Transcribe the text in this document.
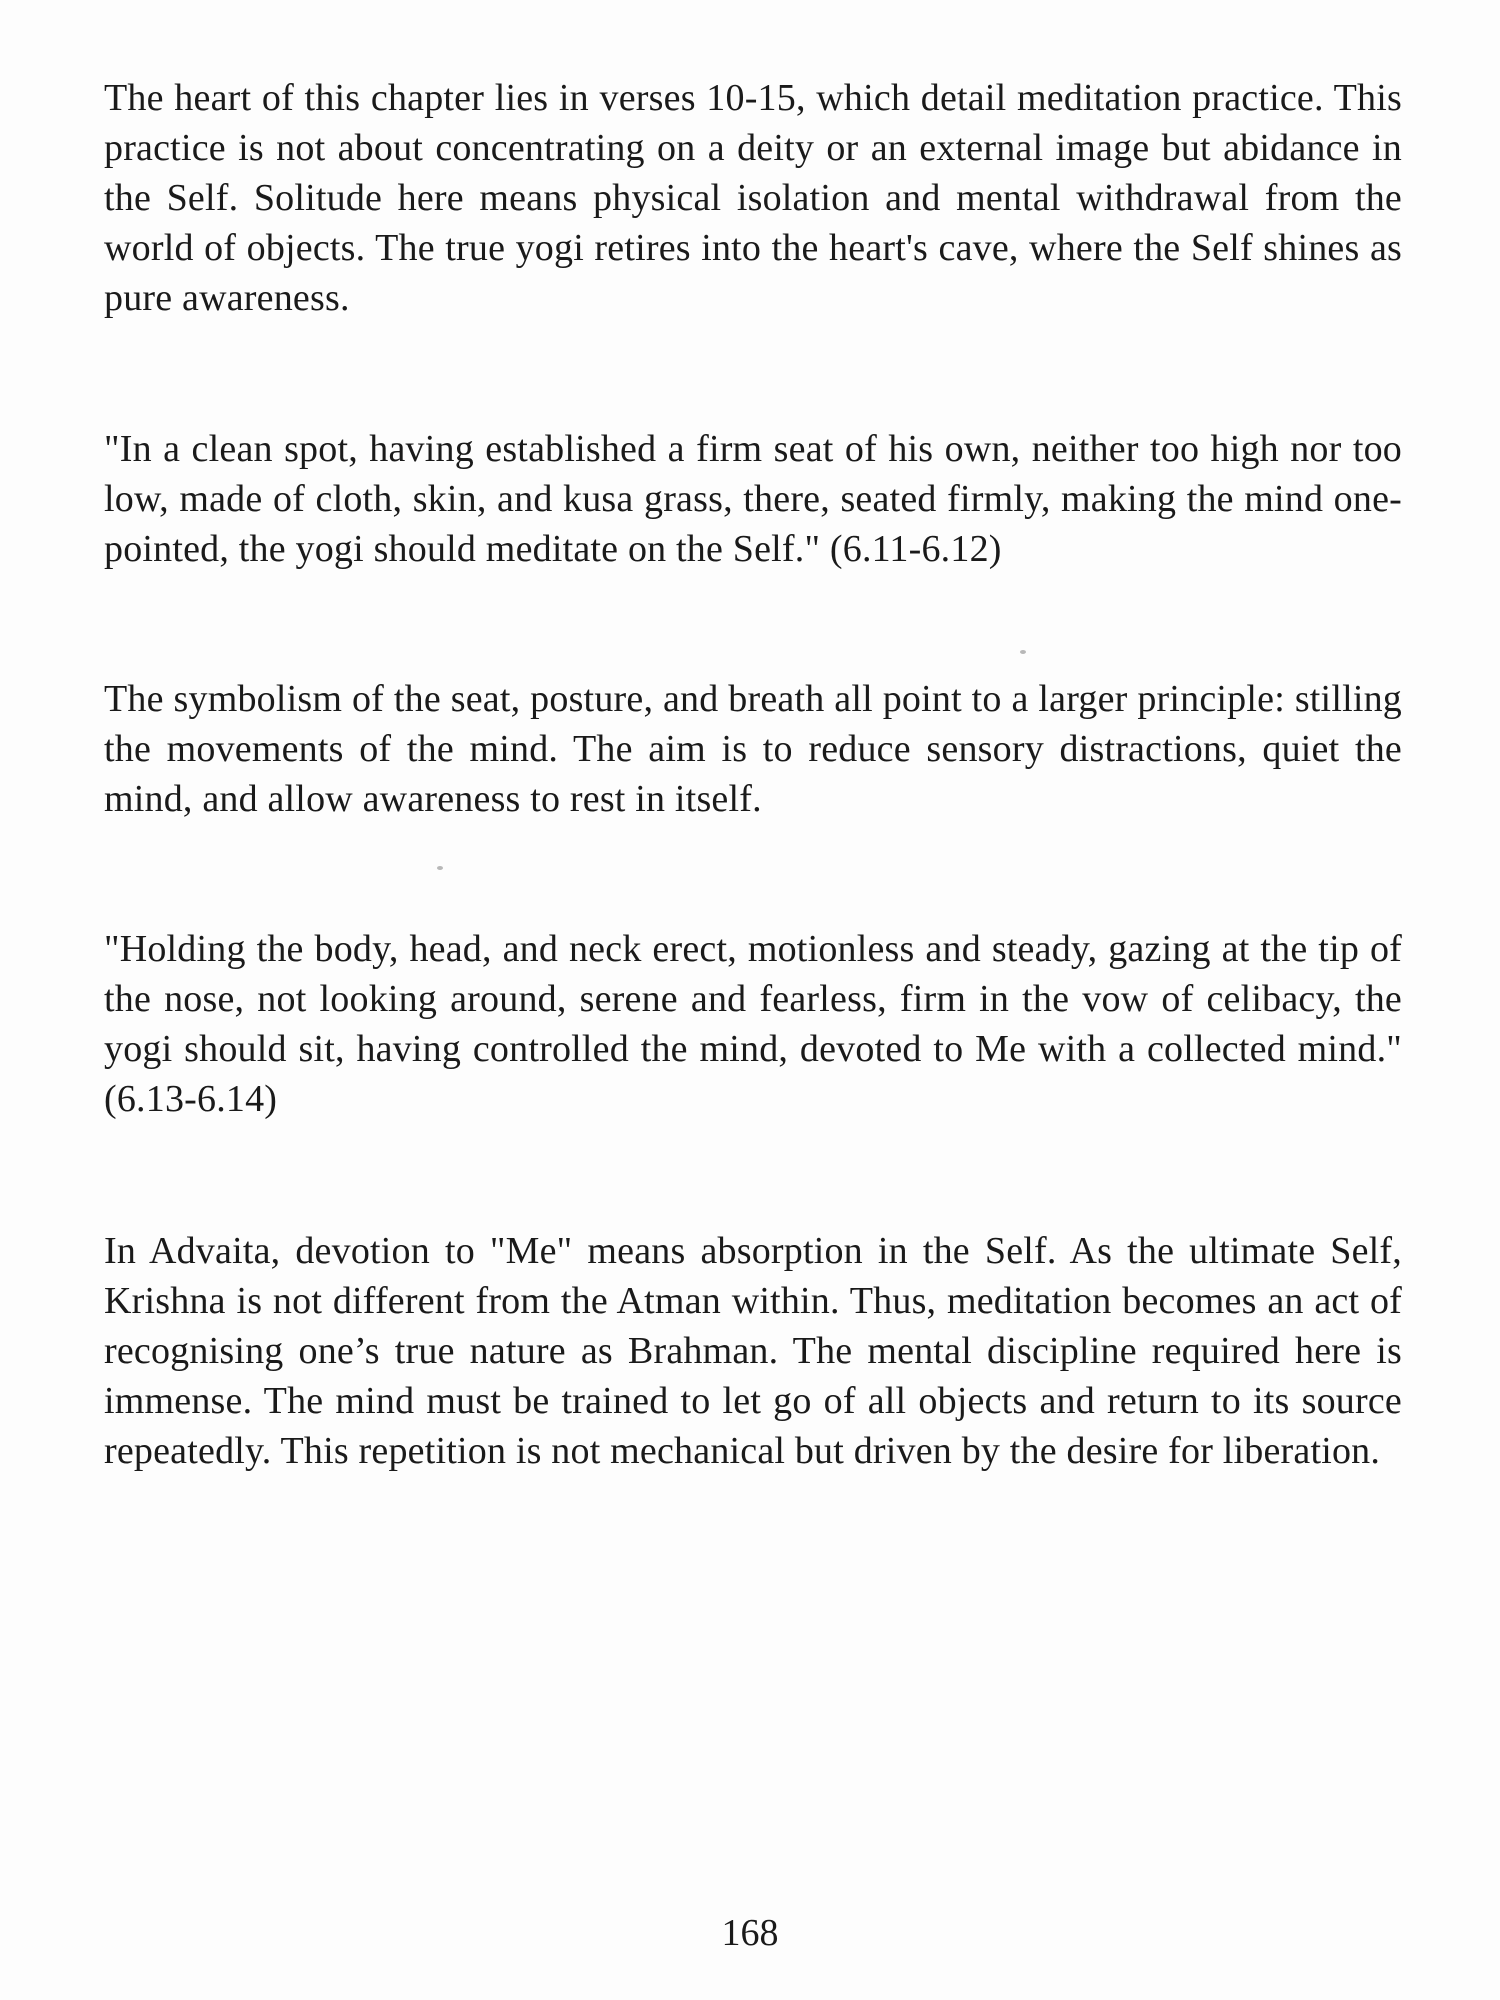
The heart of this chapter lies in verses 10-15, which detail meditation practice. This practice is not about concentrating on a deity or an external image but abidance in the Self. Solitude here means physical isolation and mental withdrawal from the world of objects. The true yogi retires into the heart's cave, where the Self shines as pure awareness.

"In a clean spot, having established a firm seat of his own, neither too high nor too low, made of cloth, skin, and kusa grass, there, seated firmly, making the mind one-pointed, the yogi should meditate on the Self." (6.11-6.12)

The symbolism of the seat, posture, and breath all point to a larger principle: stilling the movements of the mind. The aim is to reduce sensory distractions, quiet the mind, and allow awareness to rest in itself.

"Holding the body, head, and neck erect, motionless and steady, gazing at the tip of the nose, not looking around, serene and fearless, firm in the vow of celibacy, the yogi should sit, having controlled the mind, devoted to Me with a collected mind." (6.13-6.14)

In Advaita, devotion to "Me" means absorption in the Self. As the ultimate Self, Krishna is not different from the Atman within. Thus, meditation becomes an act of recognising one’s true nature as Brahman. The mental discipline required here is immense. The mind must be trained to let go of all objects and return to its source repeatedly. This repetition is not mechanical but driven by the desire for liberation.

168
